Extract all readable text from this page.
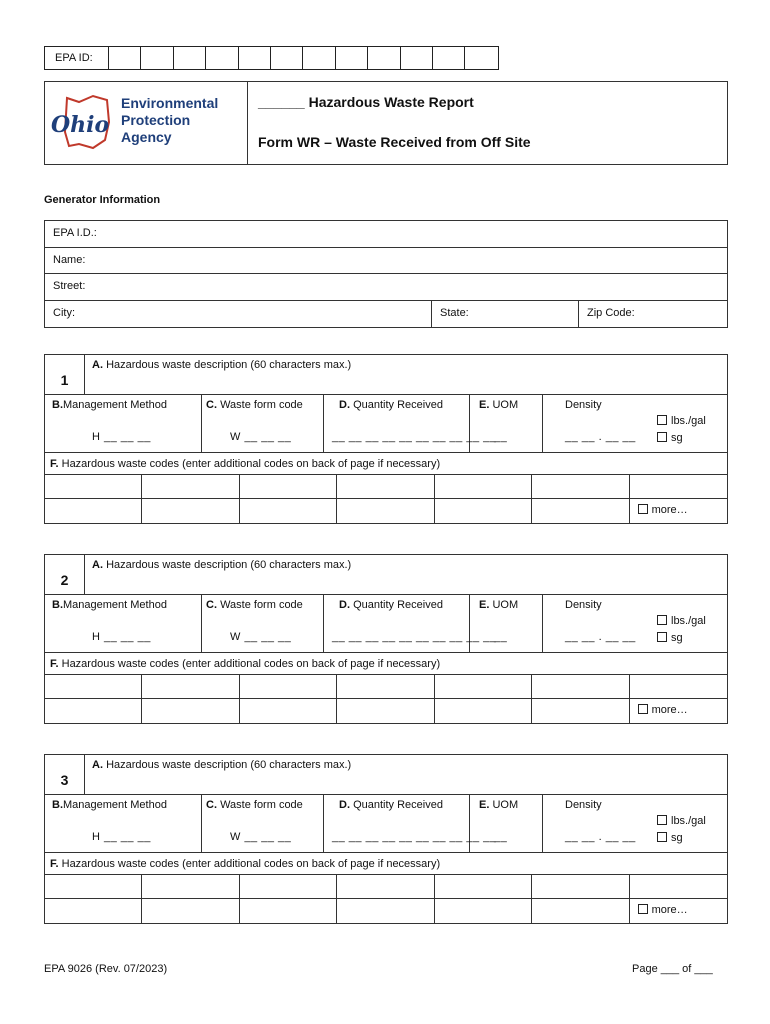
EPA ID:
Ohio
Environmental
Protection
Agency
______ Hazardous Waste Report
Form WR – Waste Received from Off Site
Generator Information
EPA I.D.:
Name:
Street:
City:	State:	Zip Code:
1
A. Hazardous waste description (60 characters max.)
B.Management Method
H __ __ __
C. Waste form code
W __ __ __
D. Quantity Received
__ __ __ __ __ __ __ __ __ __
E. UOM
__
Density
__ __ . __ __
lbs./gal
sg
F. Hazardous waste codes (enter additional codes on back of page if necessary)
more…
2
A. Hazardous waste description (60 characters max.)
B.Management Method
H __ __ __
C. Waste form code
W __ __ __
D. Quantity Received
__ __ __ __ __ __ __ __ __ __
E. UOM
__
Density
__ __ . __ __
lbs./gal
sg
F. Hazardous waste codes (enter additional codes on back of page if necessary)
more…
3
A. Hazardous waste description (60 characters max.)
B.Management Method
H __ __ __
C. Waste form code
W __ __ __
D. Quantity Received
__ __ __ __ __ __ __ __ __ __
E. UOM
__
Density
__ __ . __ __
lbs./gal
sg
F. Hazardous waste codes (enter additional codes on back of page if necessary)
more…
EPA 9026 (Rev. 07/2023)	Page ___ of ___
